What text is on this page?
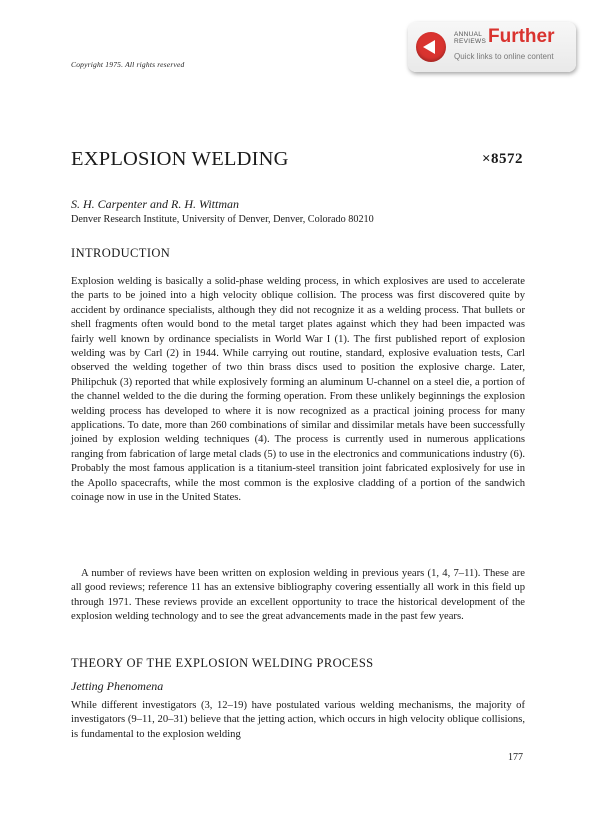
Copyright 1975. All rights reserved
ANNUAL REVIEWS Further
Quick links to online content
EXPLOSION WELDING	×8572
S. H. Carpenter and R. H. Wittman
Denver Research Institute, University of Denver, Denver, Colorado 80210
INTRODUCTION

Explosion welding is basically a solid-phase welding process, in which explosives are used to accelerate the parts to be joined into a high velocity oblique collision. The process was first discovered quite by accident by ordinance specialists, although they did not recognize it as a welding process. That bullets or shell fragments often would bond to the metal target plates against which they had been impacted was fairly well known by ordinance specialists in World War I (1). The first published report of explosion welding was by Carl (2) in 1944. While carrying out routine, standard, explosive evaluation tests, Carl observed the welding together of two thin brass discs used to position the explosive charge. Later, Philipchuk (3) reported that while explosively forming an aluminum U-channel on a steel die, a portion of the channel welded to the die during the forming operation. From these unlikely beginnings the explosion welding process has developed to where it is now recognized as a practical joining process for many applications. To date, more than 260 combinations of similar and dissimilar metals have been successfully joined by explosion welding techniques (4). The process is currently used in numerous applications ranging from fabrication of large metal clads (5) to use in the electronics and communications industry (6). Probably the most famous application is a titanium-steel transition joint fabricated explosively for use in the Apollo spacecrafts, while the most common is the explosive cladding of a portion of the sandwich coinage now in use in the United States.

A number of reviews have been written on explosion welding in previous years (1, 4, 7–11). These are all good reviews; reference 11 has an extensive bibliography covering essentially all work in this field up through 1971. These reviews provide an excellent opportunity to trace the historical development of the explosion welding technology and to see the great advancements made in the past few years.

THEORY OF THE EXPLOSION WELDING PROCESS
Jetting Phenomena

While different investigators (3, 12–19) have postulated various welding mechanisms, the majority of investigators (9–11, 20–31) believe that the jetting action, which occurs in high velocity oblique collisions, is fundamental to the explosion welding

177
